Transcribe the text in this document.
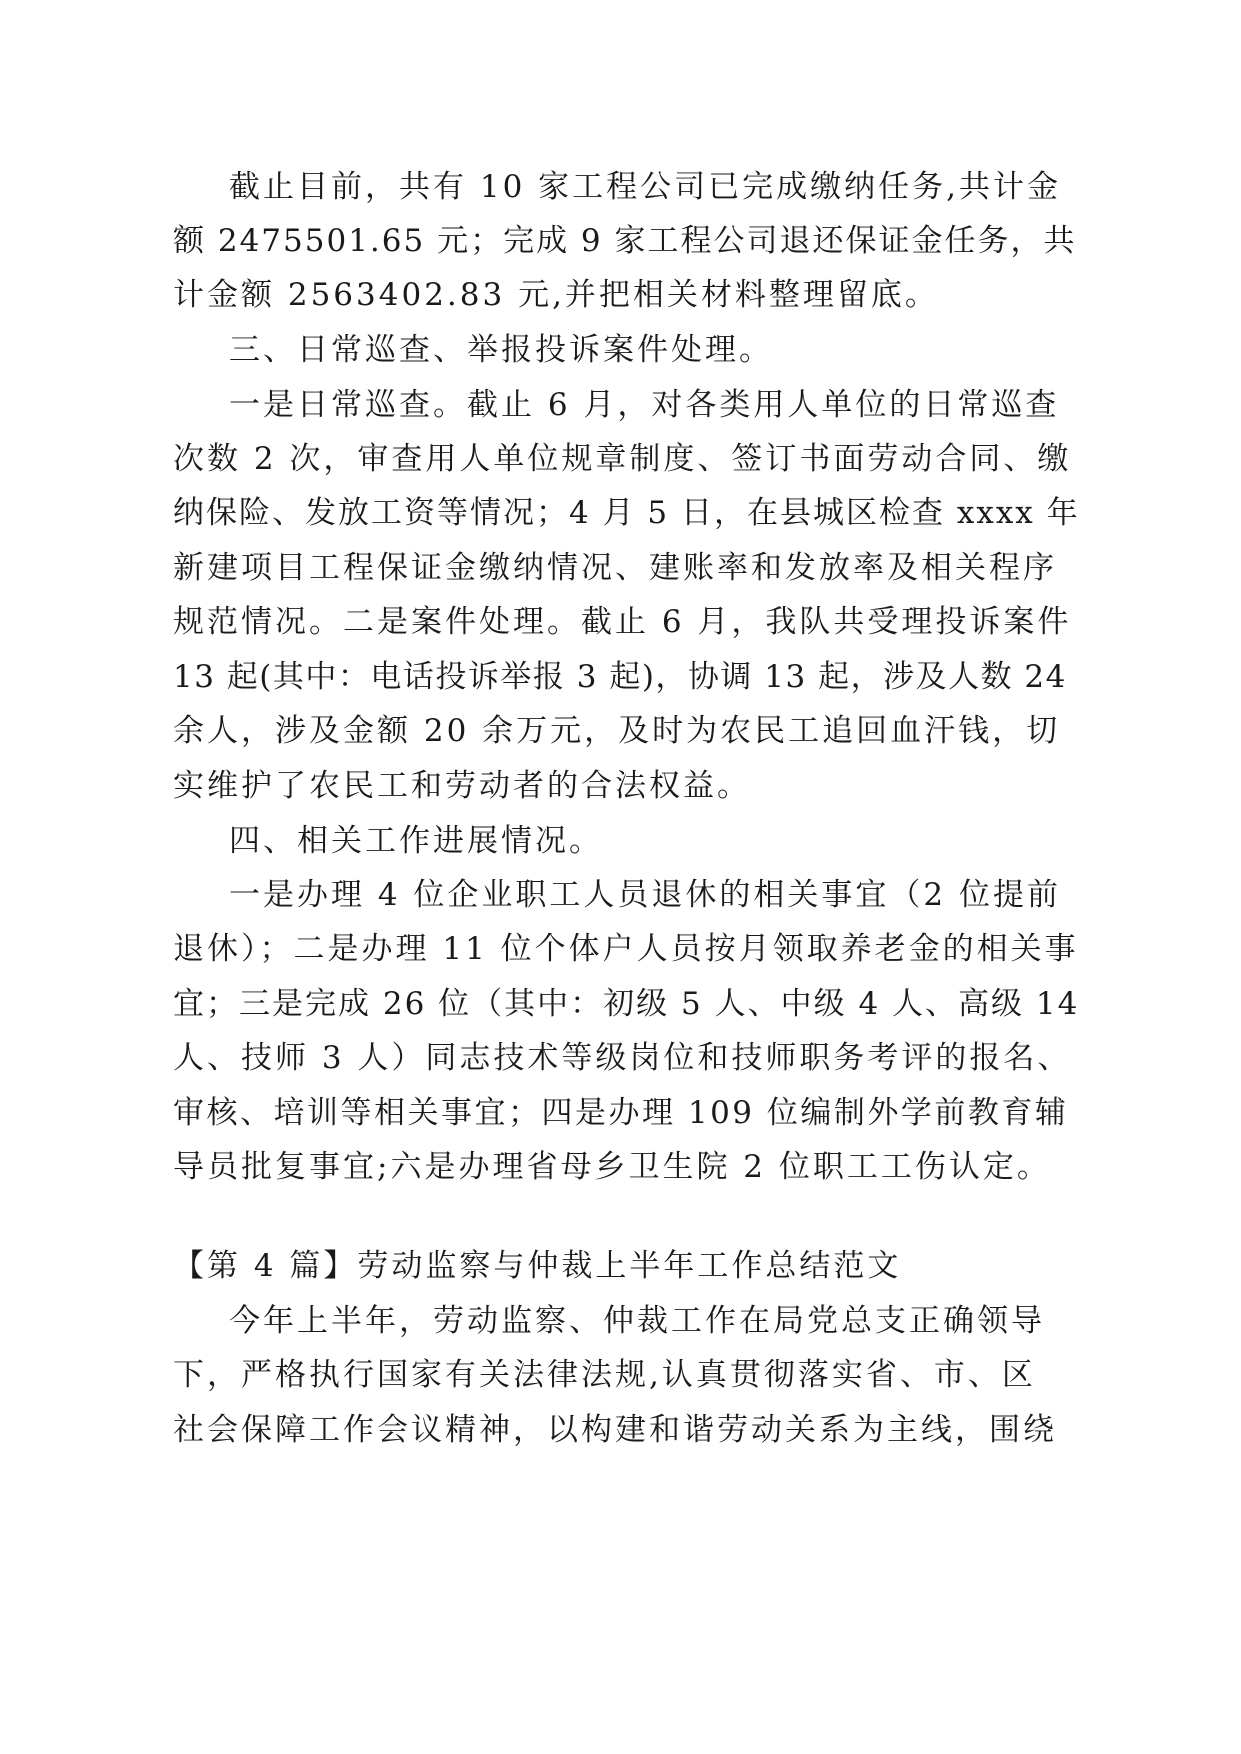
截止目前，共有 10 家工程公司已完成缴纳任务,共计金
额 2475501.65 元；完成 9 家工程公司退还保证金任务，共
计金额 2563402.83 元,并把相关材料整理留底。
三、日常巡查、举报投诉案件处理。
一是日常巡查。截止 6 月，对各类用人单位的日常巡查
次数 2 次，审查用人单位规章制度、签订书面劳动合同、缴
纳保险、发放工资等情况；4 月 5 日，在县城区检查 xxxx 年
新建项目工程保证金缴纳情况、建账率和发放率及相关程序
规范情况。二是案件处理。截止 6 月，我队共受理投诉案件
13 起(其中：电话投诉举报 3 起)，协调 13 起，涉及人数 24
余人，涉及金额 20 余万元，及时为农民工追回血汗钱，切
实维护了农民工和劳动者的合法权益。
四、相关工作进展情况。
一是办理 4 位企业职工人员退休的相关事宜（2 位提前
退休）；二是办理 11 位个体户人员按月领取养老金的相关事
宜；三是完成 26 位（其中：初级 5 人、中级 4 人、高级 14
人、技师 3 人）同志技术等级岗位和技师职务考评的报名、
审核、培训等相关事宜；四是办理 109 位编制外学前教育辅
导员批复事宜;六是办理省母乡卫生院 2 位职工工伤认定。
【第 4 篇】劳动监察与仲裁上半年工作总结范文
今年上半年，劳动监察、仲裁工作在局党总支正确领导
下，严格执行国家有关法律法规,认真贯彻落实省、市、区
社会保障工作会议精神，以构建和谐劳动关系为主线，围绕
